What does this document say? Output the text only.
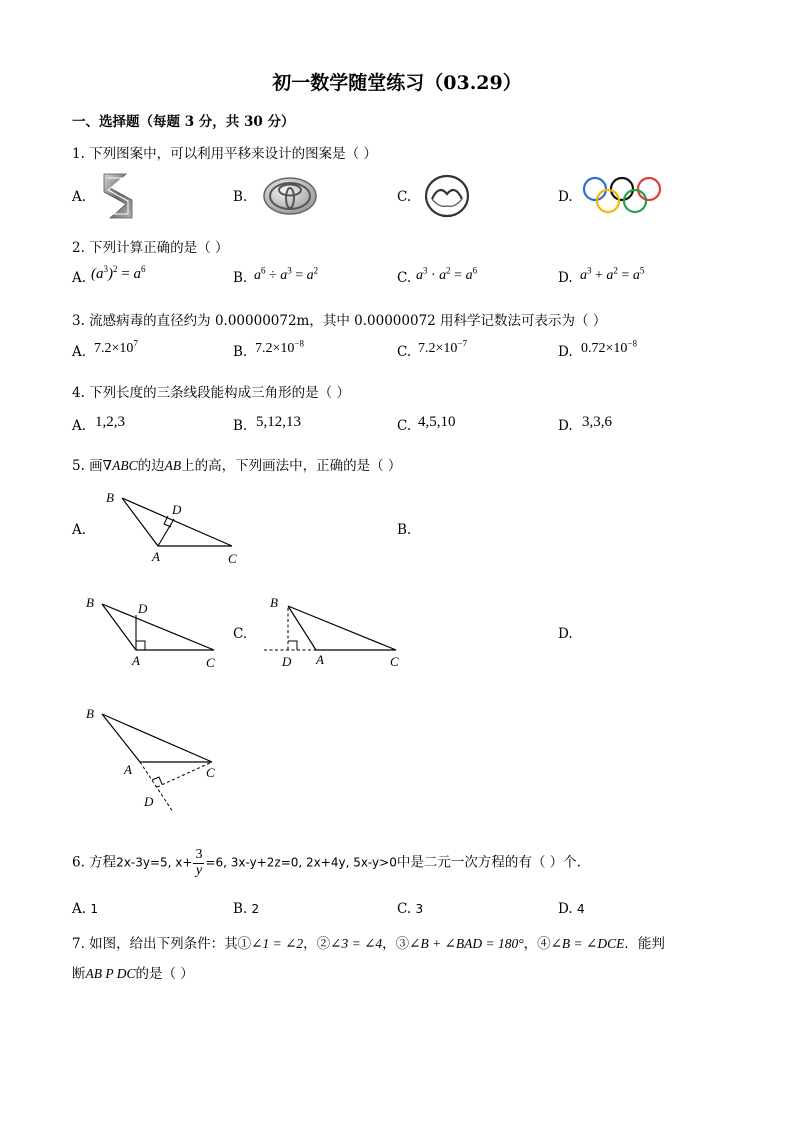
初一数学随堂练习（03.29）
一、选择题（每题 3 分，共 30 分）
1. 下列图案中，可以利用平移来设计的图案是（ ）
A.	B.	C.	D.
2. 下列计算正确的是（ ）
A. $(a^3)^2 = a^6$
B. $a^6 \div a^3 = a^2$	C. $a^3 \cdot a^2 = a^6$	D. $a^3 + a^2 = a^5$
3. 流感病毒的直径约为 0.00000072m，其中 0.00000072 用科学记数法可表示为（ ）
A. $7.2\times 10^7$
B. $7.2\times 10^{-8}$
C. $7.2\times 10^{-7}$
D. $0.72\times 10^{-8}$
4. 下列长度的三条线段能构成三角形的是（ ）
A. 1,2,3	B. 5,12,13	C. 4,5,10	D. 3,3,6
5. 画∇ABC的边AB上的高，下列画法中，正确的是（ ）
A.	B.
C.	D.
B
D
A	C
B	D
A	C
B
D A	C
B
A	C
D
6. 方程2x-3y=5, $x+ \frac{3}{y} =6$, 3x-y+2z=0, 2x+4y, 5x-y>0中是二元一次方程的有（ ）个.
A. 1	B. 2	C. 3	D. 4
7. 如图，给出下列条件：其①∠1 = ∠2，②∠3 = ∠4，③∠B + ∠BAD = 180°，④∠B = ∠DCE．能判
断AB P DC的是（ ）
